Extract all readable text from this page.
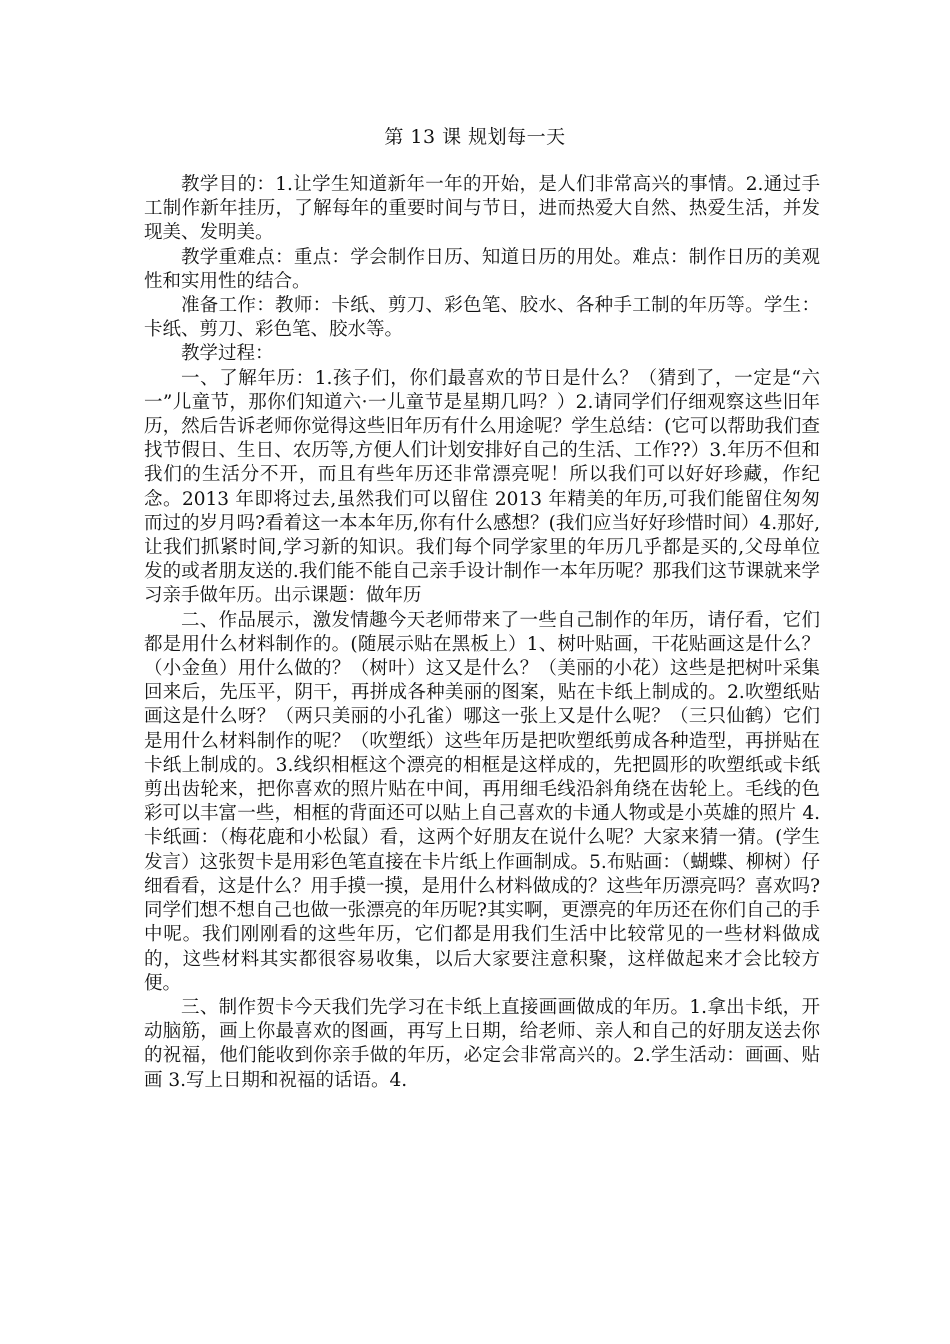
第 13 课 规划每一天

教学目的：1.让学生知道新年一年的开始，是人们非常高兴的事情。2.通过手工制作新年挂历，了解每年的重要时间与节日，进而热爱大自然、热爱生活，并发现美、发明美。

教学重难点：重点：学会制作日历、知道日历的用处。难点：制作日历的美观性和实用性的结合。

准备工作：教师：卡纸、剪刀、彩色笔、胶水、各种手工制的年历等。学生：卡纸、剪刀、彩色笔、胶水等。

教学过程：

一、了解年历：1.孩子们，你们最喜欢的节日是什么？（猜到了，一定是“六一”儿童节，那你们知道六·一儿童节是星期几吗？）2.请同学们仔细观察这些旧年历，然后告诉老师你觉得这些旧年历有什么用途呢？学生总结：(它可以帮助我们查找节假日、生日、农历等,方便人们计划安排好自己的生活、工作??）3.年历不但和我们的生活分不开，而且有些年历还非常漂亮呢！所以我们可以好好珍藏，作纪念。2013 年即将过去,虽然我们可以留住 2013 年精美的年历,可我们能留住匆匆而过的岁月吗?看着这一本本年历,你有什么感想？(我们应当好好珍惜时间）4.那好,让我们抓紧时间,学习新的知识。我们每个同学家里的年历几乎都是买的,父母单位发的或者朋友送的.我们能不能自己亲手设计制作一本年历呢？那我们这节课就来学习亲手做年历。出示课题：做年历

二、作品展示，激发情趣今天老师带来了一些自己制作的年历，请仔看，它们都是用什么材料制作的。(随展示贴在黑板上）1、树叶贴画，干花贴画这是什么？（小金鱼）用什么做的？（树叶）这又是什么？（美丽的小花）这些是把树叶采集回来后，先压平，阴干，再拼成各种美丽的图案，贴在卡纸上制成的。2.吹塑纸贴画这是什么呀？（两只美丽的小孔雀）哪这一张上又是什么呢？（三只仙鹤）它们是用什么材料制作的呢？（吹塑纸）这些年历是把吹塑纸剪成各种造型，再拼贴在卡纸上制成的。3.线织相框这个漂亮的相框是这样成的，先把圆形的吹塑纸或卡纸剪出齿轮来，把你喜欢的照片贴在中间，再用细毛线沿斜角绕在齿轮上。毛线的色彩可以丰富一些，相框的背面还可以贴上自己喜欢的卡通人物或是小英雄的照片 4.卡纸画：（梅花鹿和小松鼠）看，这两个好朋友在说什么呢？大家来猜一猜。(学生发言）这张贺卡是用彩色笔直接在卡片纸上作画制成。5.布贴画：（蝴蝶、柳树）仔细看看，这是什么？用手摸一摸，是用什么材料做成的？这些年历漂亮吗？喜欢吗?同学们想不想自己也做一张漂亮的年历呢?其实啊，更漂亮的年历还在你们自己的手中呢。我们刚刚看的这些年历，它们都是用我们生活中比较常见的一些材料做成的，这些材料其实都很容易收集，以后大家要注意积聚，这样做起来才会比较方便。

三、制作贺卡今天我们先学习在卡纸上直接画画做成的年历。1.拿出卡纸，开动脑筋，画上你最喜欢的图画，再写上日期，给老师、亲人和自己的好朋友送去你的祝福，他们能收到你亲手做的年历，必定会非常高兴的。2.学生活动：画画、贴画 3.写上日期和祝福的话语。4.
